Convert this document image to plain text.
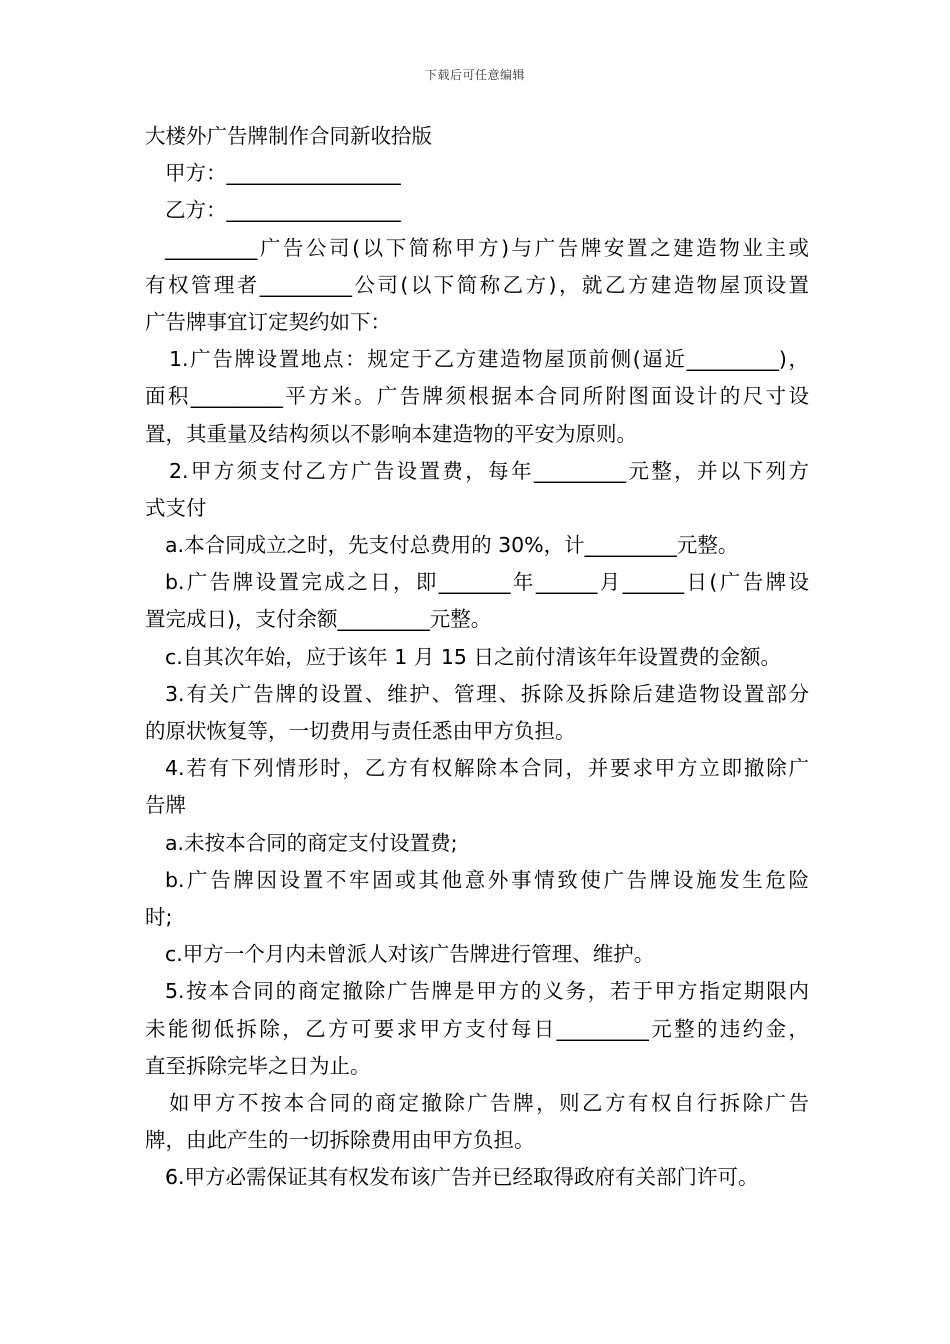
下载后可任意编辑
大楼外广告牌制作合同新收拾版
甲方：_________________
乙方：_________________
_________广告公司(以下简称甲方)与广告牌安置之建造物业主或
有权管理者_________公司(以下简称乙方)，就乙方建造物屋顶设置
广告牌事宜订定契约如下：
1.广告牌设置地点：规定于乙方建造物屋顶前侧(逼近_________)，
面积_________平方米。广告牌须根据本合同所附图面设计的尺寸设
置，其重量及结构须以不影响本建造物的平安为原则。
2.甲方须支付乙方广告设置费，每年_________元整，并以下列方
式支付
a.本合同成立之时，先支付总费用的 30%，计_________元整。
b.广告牌设置完成之日，即_______年______月______日(广告牌设
置完成日)，支付余额_________元整。
c.自其次年始，应于该年 1 月 15 日之前付清该年年设置费的金额。
3.有关广告牌的设置、维护、管理、拆除及拆除后建造物设置部分
的原状恢复等，一切费用与责任悉由甲方负担。
4.若有下列情形时，乙方有权解除本合同，并要求甲方立即撤除广
告牌
a.未按本合同的商定支付设置费;
b.广告牌因设置不牢固或其他意外事情致使广告牌设施发生危险
时;
c.甲方一个月内未曾派人对该广告牌进行管理、维护。
5.按本合同的商定撤除广告牌是甲方的义务，若于甲方指定期限内
未能彻低拆除，乙方可要求甲方支付每日_________元整的违约金，
直至拆除完毕之日为止。
如甲方不按本合同的商定撤除广告牌，则乙方有权自行拆除广告
牌，由此产生的一切拆除费用由甲方负担。
6.甲方必需保证其有权发布该广告并已经取得政府有关部门许可。
